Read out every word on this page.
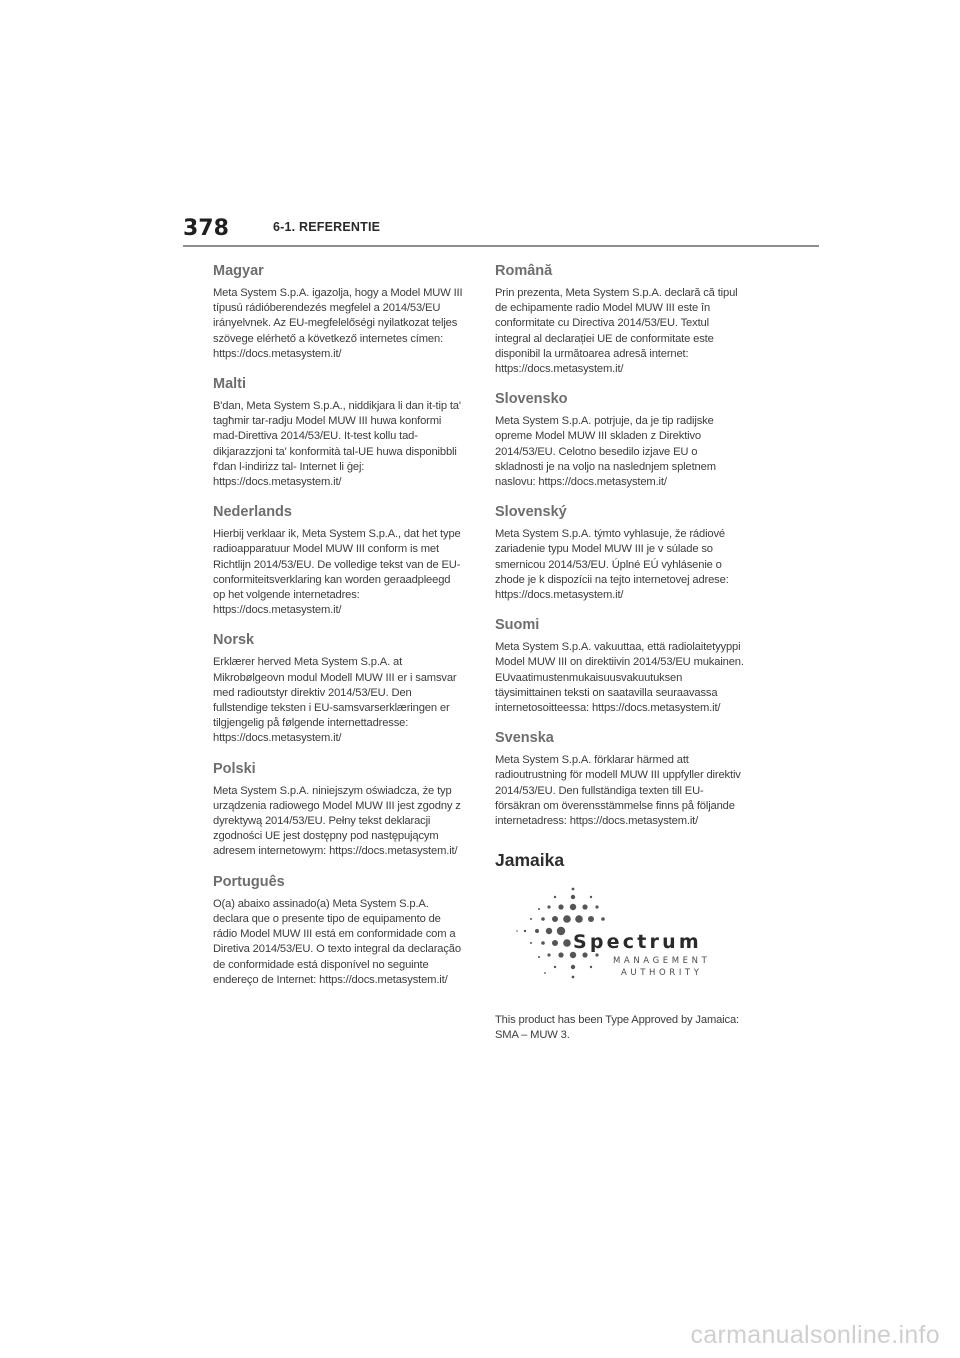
378	6-1. REFERENTIE
Magyar

Meta System S.p.A. igazolja, hogy a Model MUW III típusú rádióberendezés megfelel a 2014/53/EU irányelvnek. Az EU-megfelelőségi nyilatkozat teljes szövege elérhető a következő internetes címen: https://docs.metasystem.it/

Malti

B'dan, Meta System S.p.A., niddikjara li dan it-tip ta' tagħmir tar-radju Model MUW III huwa konformi mad-Direttiva 2014/53/EU. It-test kollu tad-dikjarazzjoni ta' konformità tal-UE huwa disponibbli f'dan l-indirizz tal- Internet li ġej: https://docs.metasystem.it/

Nederlands

Hierbij verklaar ik, Meta System S.p.A., dat het type radioapparatuur Model MUW III conform is met Richtlijn 2014/53/EU. De volledige tekst van de EU-conformiteitsverklaring kan worden geraadpleegd op het volgende internetadres: https://docs.metasystem.it/

Norsk

Erklærer herved Meta System S.p.A. at Mikrobølgeovn modul Modell MUW III er i samsvar med radioutstyr direktiv 2014/53/EU. Den fullstendige teksten i EU-samsvarserklæringen er tilgjengelig på følgende internettadresse: https://docs.metasystem.it/

Polski

Meta System S.p.A. niniejszym oświadcza, że typ urządzenia radiowego Model MUW III jest zgodny z dyrektywą 2014/53/EU. Pełny tekst deklaracji zgodności UE jest dostępny pod następującym adresem internetowym: https://docs.metasystem.it/

Português

O(a) abaixo assinado(a) Meta System S.p.A. declara que o presente tipo de equipamento de rádio Model MUW III está em conformidade com a Diretiva 2014/53/EU. O texto integral da declaração de conformidade está disponível no seguinte endereço de Internet: https://docs.metasystem.it/

Română

Prin prezenta, Meta System S.p.A. declară că tipul de echipamente radio Model MUW III este în conformitate cu Directiva 2014/53/EU. Textul integral al declarației UE de conformitate este disponibil la următoarea adresă internet: https://docs.metasystem.it/

Slovensko

Meta System S.p.A. potrjuje, da je tip radijske opreme Model MUW III skladen z Direktivo 2014/53/EU. Celotno besedilo izjave EU o skladnosti je na voljo na naslednjem spletnem naslovu: https://docs.metasystem.it/

Slovenský

Meta System S.p.A. týmto vyhlasuje, že rádiové zariadenie typu Model MUW III je v súlade so smernicou 2014/53/EU. Úplné EÚ vyhlásenie o zhode je k dispozícii na tejto internetovej adrese: https://docs.metasystem.it/

Suomi

Meta System S.p.A. vakuuttaa, että radiolaitetyyppi Model MUW III on direktiivin 2014/53/EU mukainen. EUvaatimustenmukaisuusvakuutuksen täysimittainen teksti on saatavilla seuraavassa internetosoitteessa: https://docs.metasystem.it/

Svenska

Meta System S.p.A. förklarar härmed att radioutrustning för modell MUW III uppfyller direktiv 2014/53/EU. Den fullständiga texten till EU-försäkran om överensstämmelse finns på följande internetadress: https://docs.metasystem.it/

Jamaika
Spectrum
MANAGEMENT
AUTHORITY

This product has been Type Approved by Jamaica: SMA – MUW 3.

carmanualsonline.info
